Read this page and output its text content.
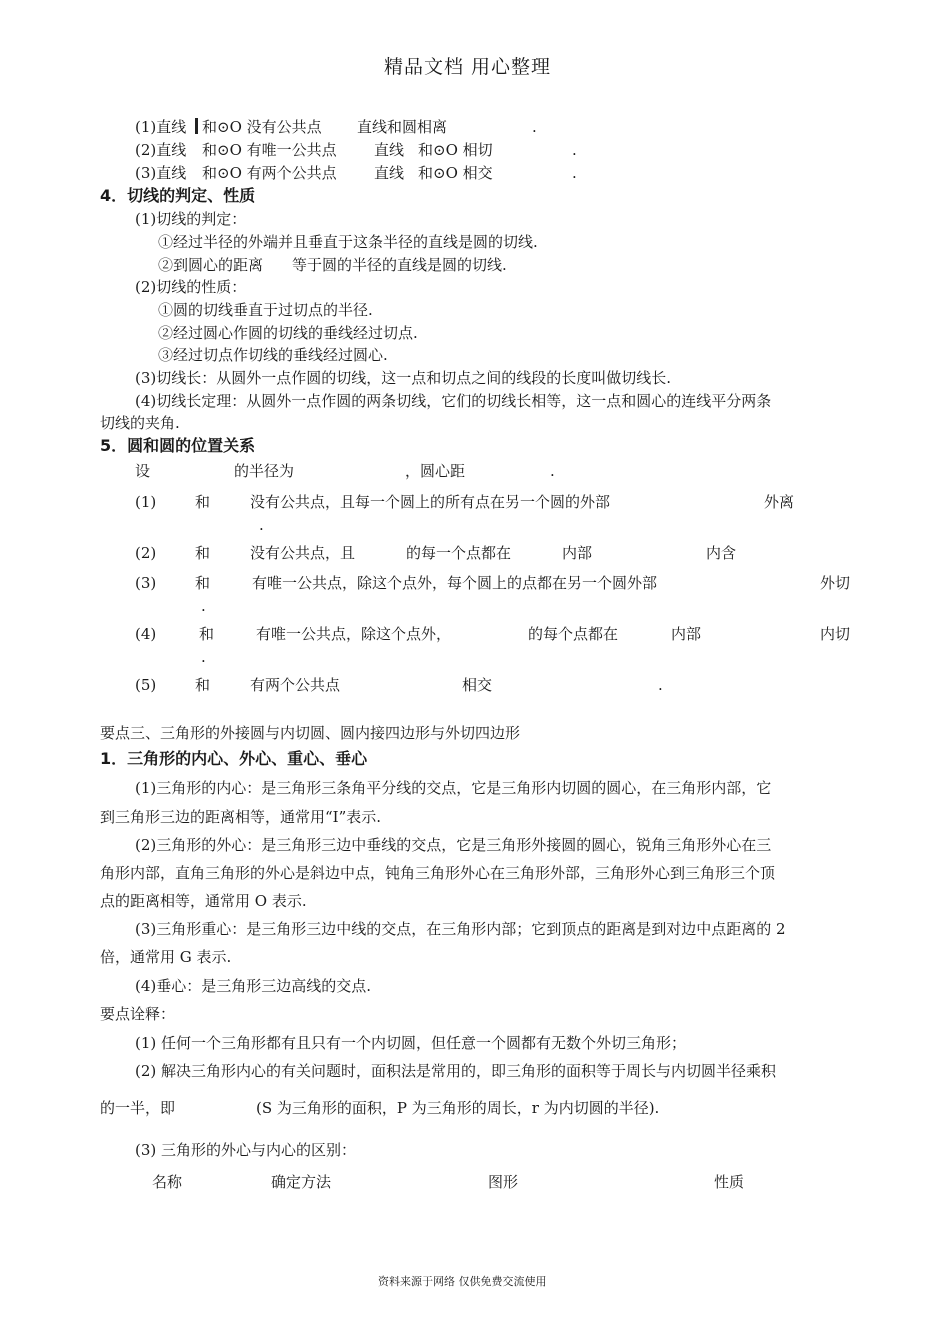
精品文档 用心整理
(1)直线 和⊙O 没有公共点 直线和圆相离	.
(2)直线 和⊙O 有唯一公共点 直线 和⊙O 相切	.
(3)直线 和⊙O 有两个公共点 直线 和⊙O 相交	.
4．切线的判定、性质
(1)切线的判定：
①经过半径的外端并且垂直于这条半径的直线是圆的切线.
②到圆心的距离 等于圆的半径的直线是圆的切线.
(2)切线的性质：
①圆的切线垂直于过切点的半径.
②经过圆心作圆的切线的垂线经过切点.
③经过切点作切线的垂线经过圆心.
(3)切线长：从圆外一点作圆的切线，这一点和切点之间的线段的长度叫做切线长.
(4)切线长定理：从圆外一点作圆的两条切线，它们的切线长相等，这一点和圆心的连线平分两条
切线的夹角.
5．圆和圆的位置关系
设	的半径为	，圆心距	.
(1)	和	没有公共点，且每一个圆上的所有点在另一个圆的外部	外离
.
(2)	和	没有公共点，且	的每一个点都在	内部	内含
(3)	和	有唯一公共点，除这个点外，每个圆上的点都在另一个圆外部	外切
.
(4)	和	有唯一公共点，除这个点外，	的每个点都在	内部	内切
.
(5)	和	有两个公共点	相交	.
要点三、三角形的外接圆与内切圆、圆内接四边形与外切四边形
1．三角形的内心、外心、重心、垂心
(1)三角形的内心：是三角形三条角平分线的交点，它是三角形内切圆的圆心，在三角形内部，它
到三角形三边的距离相等，通常用“I”表示.
(2)三角形的外心：是三角形三边中垂线的交点，它是三角形外接圆的圆心，锐角三角形外心在三
角形内部，直角三角形的外心是斜边中点，钝角三角形外心在三角形外部，三角形外心到三角形三个顶
点的距离相等，通常用 O 表示.
(3)三角形重心：是三角形三边中线的交点，在三角形内部；它到顶点的距离是到对边中点距离的 2
倍，通常用 G 表示.
(4)垂心：是三角形三边高线的交点.
要点诠释：
(1) 任何一个三角形都有且只有一个内切圆，但任意一个圆都有无数个外切三角形；
(2) 解决三角形内心的有关问题时，面积法是常用的，即三角形的面积等于周长与内切圆半径乘积
的一半，即	(S 为三角形的面积，P 为三角形的周长，r 为内切圆的半径).
(3) 三角形的外心与内心的区别：
名称	确定方法	图形	性质
资料来源于网络 仅供免费交流使用
